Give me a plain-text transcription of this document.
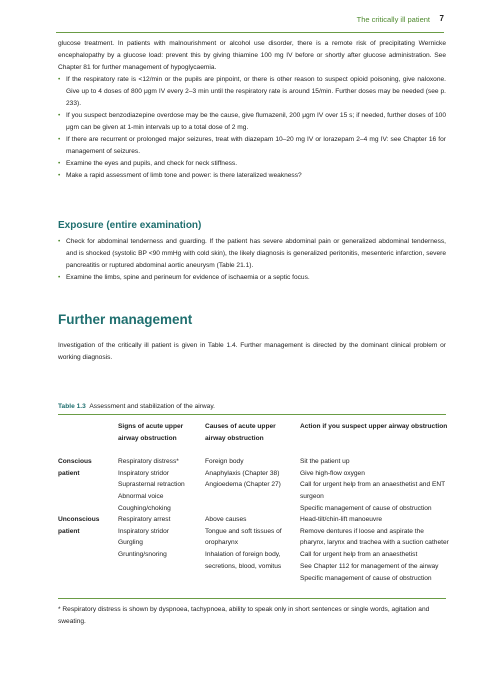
The critically ill patient 7

glucose treatment. In patients with malnourishment or alcohol use disorder, there is a remote risk of precipitating Wernicke encephalopathy by a glucose load: prevent this by giving thiamine 100 mg IV before or shortly after glucose administration. See Chapter 81 for further management of hypoglycaemia.

• If the respiratory rate is <12/min or the pupils are pinpoint, or there is other reason to suspect opioid poisoning, give naloxone. Give up to 4 doses of 800 μgm IV every 2–3 min until the respiratory rate is around 15/min. Further doses may be needed (see p. 233).
• If you suspect benzodiazepine overdose may be the cause, give flumazenil, 200 μgm IV over 15 s; if needed, further doses of 100 μgm can be given at 1-min intervals up to a total dose of 2 mg.
• If there are recurrent or prolonged major seizures, treat with diazepam 10–20 mg IV or lorazepam 2–4 mg IV: see Chapter 16 for management of seizures.
• Examine the eyes and pupils, and check for neck stiffness.
• Make a rapid assessment of limb tone and power: is there lateralized weakness?
Exposure (entire examination)
• Check for abdominal tenderness and guarding. If the patient has severe abdominal pain or generalized abdominal tenderness, and is shocked (systolic BP <90 mmHg with cold skin), the likely diagnosis is generalized peritonitis, mesenteric infarction, severe pancreatitis or ruptured abdominal aortic aneurysm (Table 21.1).
• Examine the limbs, spine and perineum for evidence of ischaemia or a septic focus.
Further management

Investigation of the critically ill patient is given in Table 1.4. Further management is directed by the dominant clinical problem or working diagnosis.

Table 1.3 Assessment and stabilization of the airway.
Signs of acute upper airway obstruction
Causes of acute upper airway obstruction
Action if you suspect upper airway obstruction
Conscious patient
Respiratory distress*
Inspiratory stridor
Suprasternal retraction
Abnormal voice
Coughing/choking
Foreign body
Anaphylaxis (Chapter 38)
Angioedema (Chapter 27)
Sit the patient up
Give high-flow oxygen
Call for urgent help from an anaesthetist and ENT surgeon
Specific management of cause of obstruction
Unconscious patient
Respiratory arrest
Inspiratory stridor
Gurgling
Grunting/snoring
Above causes
Tongue and soft tissues of oropharynx
Inhalation of foreign body, secretions, blood, vomitus
Head-tilt/chin-lift manoeuvre
Remove dentures if loose and aspirate the pharynx, larynx and trachea with a suction catheter
Call for urgent help from an anaesthetist
See Chapter 112 for management of the airway
Specific management of cause of obstruction
* Respiratory distress is shown by dyspnoea, tachypnoea, ability to speak only in short sentences or single words, agitation and sweating.
